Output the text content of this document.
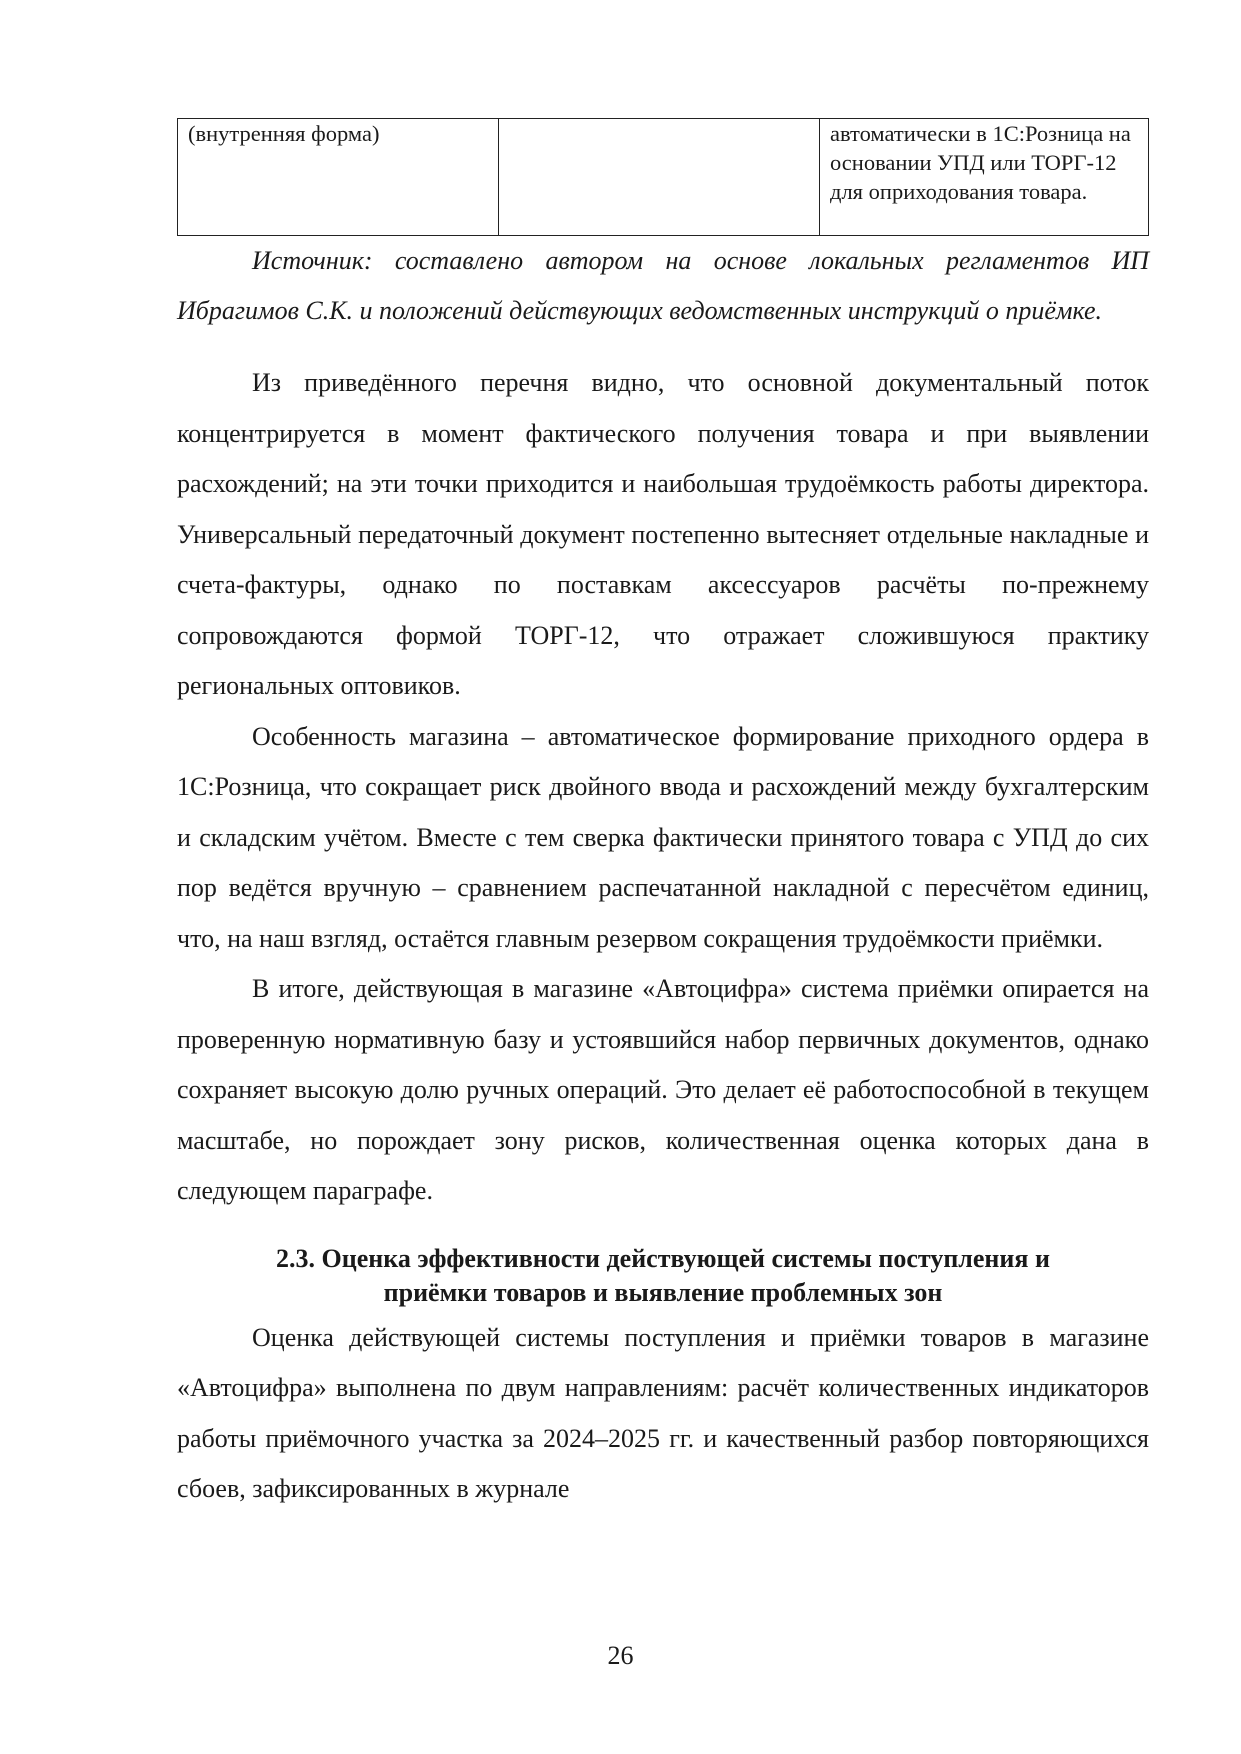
(внутренняя форма)		автоматически в 1С:Розница на основании УПД или ТОРГ-12 для оприходования товара.

Источник: составлено автором на основе локальных регламентов ИП Ибрагимов С.К. и положений действующих ведомственных инструкций о приёмке.

Из приведённого перечня видно, что основной документальный поток концентрируется в момент фактического получения товара и при выявлении расхождений; на эти точки приходится и наибольшая трудоёмкость работы директора. Универсальный передаточный документ постепенно вытесняет отдельные накладные и счета-фактуры, однако по поставкам аксессуаров расчёты по-прежнему сопровождаются формой ТОРГ-12, что отражает сложившуюся практику региональных оптовиков.

Особенность магазина – автоматическое формирование приходного ордера в 1С:Розница, что сокращает риск двойного ввода и расхождений между бухгалтерским и складским учётом. Вместе с тем сверка фактически принятого товара с УПД до сих пор ведётся вручную – сравнением распечатанной накладной с пересчётом единиц, что, на наш взгляд, остаётся главным резервом сокращения трудоёмкости приёмки.

В итоге, действующая в магазине «Автоцифра» система приёмки опирается на проверенную нормативную базу и устоявшийся набор первичных документов, однако сохраняет высокую долю ручных операций. Это делает её работоспособной в текущем масштабе, но порождает зону рисков, количественная оценка которых дана в следующем параграфе.

2.3. Оценка эффективности действующей системы поступления и
приёмки товаров и выявление проблемных зон

Оценка действующей системы поступления и приёмки товаров в магазине «Автоцифра» выполнена по двум направлениям: расчёт количественных индикаторов работы приёмочного участка за 2024–2025 гг. и качественный разбор повторяющихся сбоев, зафиксированных в журнале

26
